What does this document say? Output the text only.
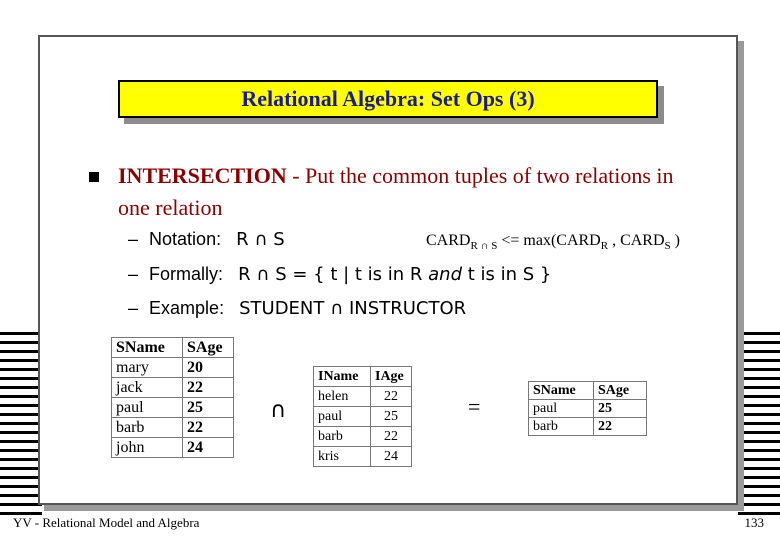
Relational Algebra: Set Ops (3)
INTERSECTION - Put the common tuples of two relations in one relation
– Notation: R ∩ S	$CARD_{R \cap S}$ <= $\max(CARD_R$ , $CARD_S$ )
– Formally: R ∩ S = { t | t is in R and t is in S }
– Example: STUDENT ∩ INSTRUCTOR
SName	SAge
mary	20
jack	22
paul	25
barb	22
john	24
∩
IName	IAge
helen	22
paul	25
barb	22
kris	24
=
SName	SAge
paul	25
barb	22
YV - Relational Model and Algebra	133
